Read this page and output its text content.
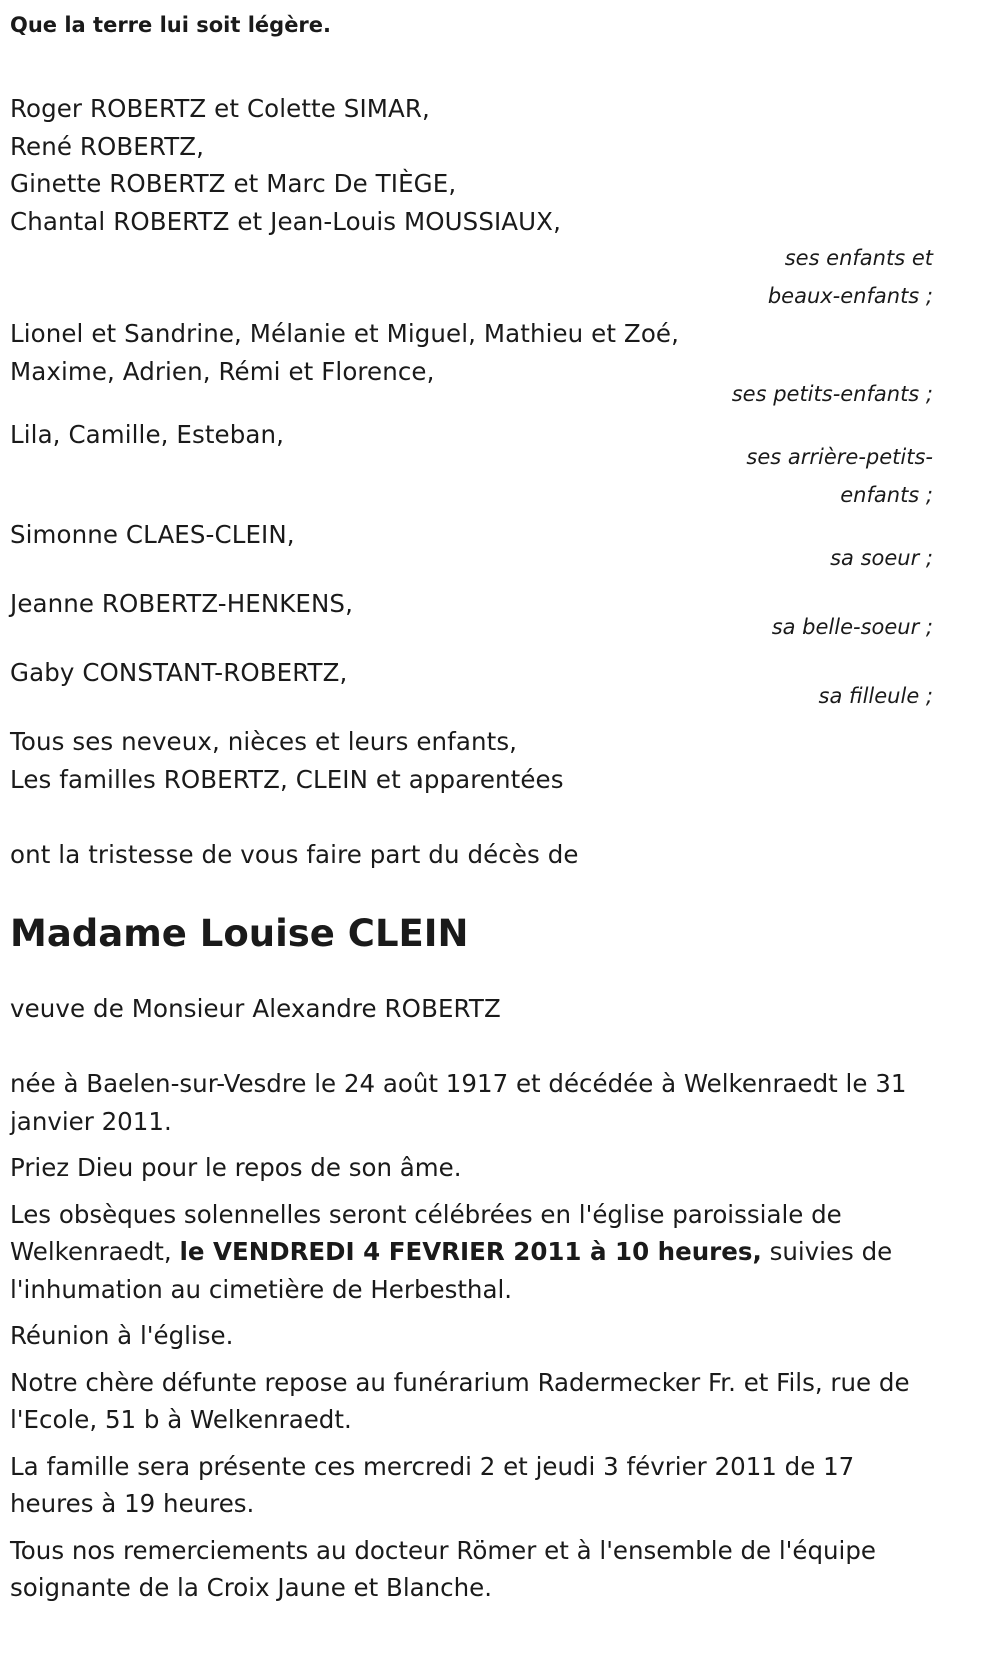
Que la terre lui soit légère.
Roger ROBERTZ et Colette SIMAR,
René ROBERTZ,
Ginette ROBERTZ et Marc De TIÈGE,
Chantal ROBERTZ et Jean-Louis MOUSSIAUX,
ses enfants et
beaux-enfants ;
Lionel et Sandrine, Mélanie et Miguel, Mathieu et Zoé,
Maxime, Adrien, Rémi et Florence,
ses petits-enfants ;
Lila, Camille, Esteban,
ses arrière-petits-
enfants ;
Simonne CLAES-CLEIN,
sa soeur ;
Jeanne ROBERTZ-HENKENS,
sa belle-soeur ;
Gaby CONSTANT-ROBERTZ,
sa filleule ;
Tous ses neveux, nièces et leurs enfants,
Les familles ROBERTZ, CLEIN et apparentées
ont la tristesse de vous faire part du décès de
Madame Louise CLEIN
veuve de Monsieur Alexandre ROBERTZ
née à Baelen-sur-Vesdre le 24 août 1917 et décédée à Welkenraedt le 31 janvier 2011.
Priez Dieu pour le repos de son âme.
Les obsèques solennelles seront célébrées en l'église paroissiale de Welkenraedt, le VENDREDI 4 FEVRIER 2011 à 10 heures, suivies de l'inhumation au cimetière de Herbesthal.
Réunion à l'église.
Notre chère défunte repose au funérarium Radermecker Fr. et Fils, rue de l'Ecole, 51 b à Welkenraedt.
La famille sera présente ces mercredi 2 et jeudi 3 février 2011 de 17 heures à 19 heures.
Tous nos remerciements au docteur Römer et à l'ensemble de l'équipe soignante de la Croix Jaune et Blanche.
